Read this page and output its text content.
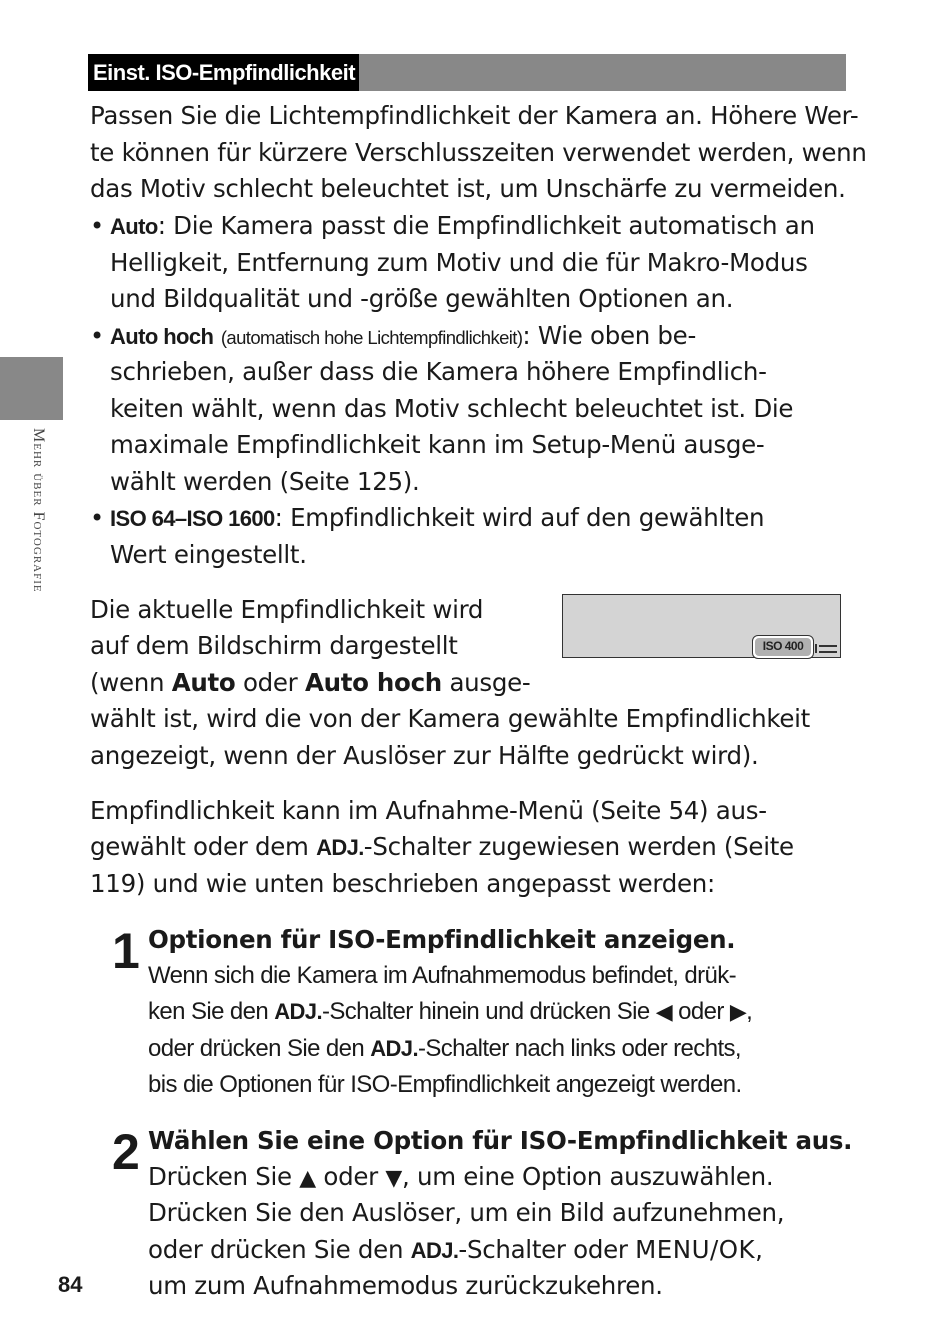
Einst. ISO-Empfindlichkeit
Mehr über Fotografie
Passen Sie die Lichtempfindlichkeit der Kamera an. Höhere Wer-
te können für kürzere Verschlusszeiten verwendet werden, wenn
das Motiv schlecht beleuchtet ist, um Unschärfe zu vermeiden.
• Auto: Die Kamera passt die Empfindlichkeit automatisch an
Helligkeit, Entfernung zum Motiv und die für Makro-Modus
und Bildqualität und -größe gewählten Optionen an.
• Auto hoch (automatisch hohe Lichtempfindlichkeit): Wie oben be-
schrieben, außer dass die Kamera höhere Empfindlich-
keiten wählt, wenn das Motiv schlecht beleuchtet ist. Die
maximale Empfindlichkeit kann im Setup-Menü ausge-
wählt werden (Seite 125).
• ISO 64–ISO 1600: Empfindlichkeit wird auf den gewählten
Wert eingestellt.
Die aktuelle Empfindlichkeit wird
auf dem Bildschirm dargestellt
(wenn Auto oder Auto hoch ausge-
wählt ist, wird die von der Kamera gewählte Empfindlichkeit
angezeigt, wenn der Auslöser zur Hälfte gedrückt wird).
ISO 400
Empfindlichkeit kann im Aufnahme-Menü (Seite 54) aus-
gewählt oder dem ADJ.-Schalter zugewiesen werden (Seite
119) und wie unten beschrieben angepasst werden:
1 Optionen für ISO-Empfindlichkeit anzeigen.
Wenn sich die Kamera im Aufnahmemodus befindet, drük-
ken Sie den ADJ.-Schalter hinein und drücken Sie ◀ oder ▶,
oder drücken Sie den ADJ.-Schalter nach links oder rechts,
bis die Optionen für ISO-Empfindlichkeit angezeigt werden.
2 Wählen Sie eine Option für ISO-Empfindlichkeit aus.
Drücken Sie ▲ oder ▼, um eine Option auszuwählen.
Drücken Sie den Auslöser, um ein Bild aufzunehmen,
oder drücken Sie den ADJ.-Schalter oder MENU/OK,
um zum Aufnahmemodus zurückzukehren.
84
